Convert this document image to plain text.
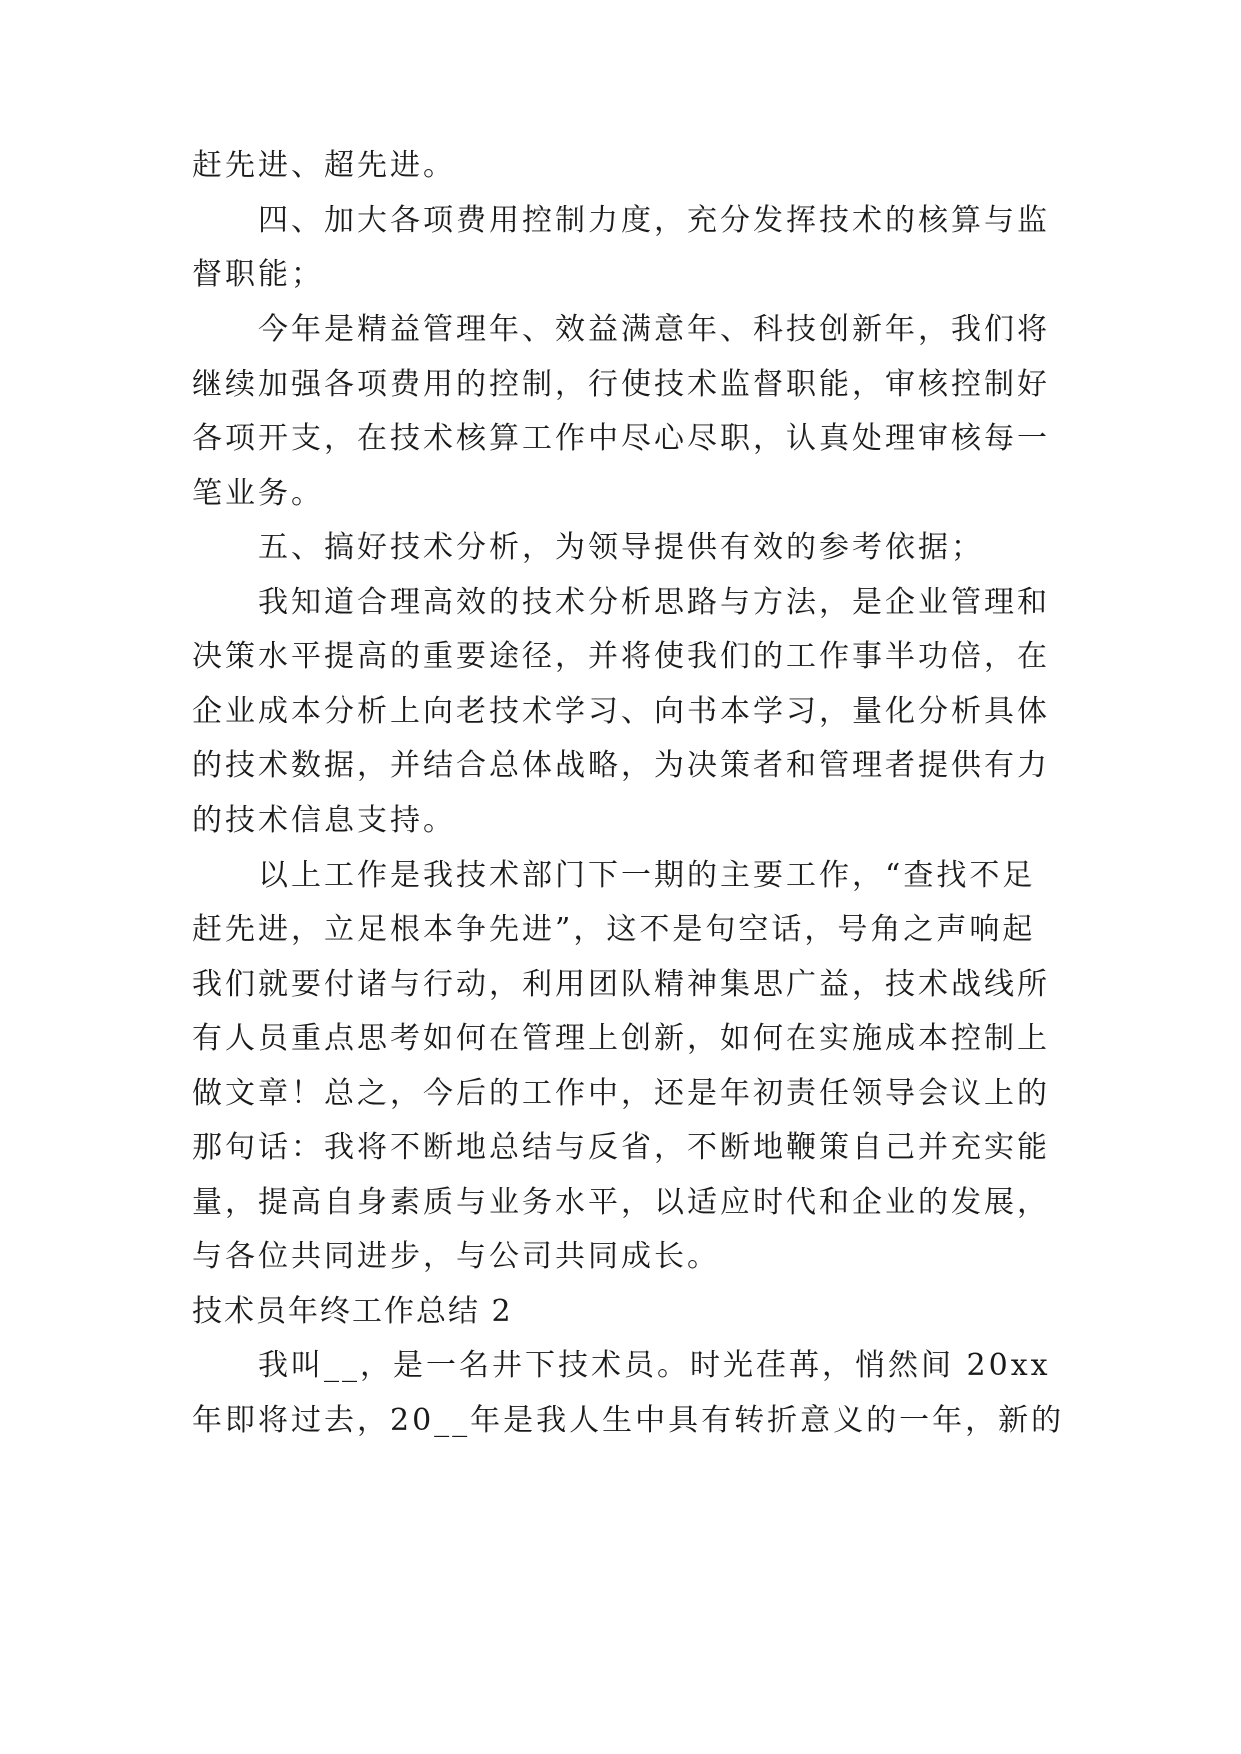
赶先进、超先进。
四、加大各项费用控制力度，充分发挥技术的核算与监
督职能；
今年是精益管理年、效益满意年、科技创新年，我们将
继续加强各项费用的控制，行使技术监督职能，审核控制好
各项开支，在技术核算工作中尽心尽职，认真处理审核每一
笔业务。
五、搞好技术分析，为领导提供有效的参考依据；
我知道合理高效的技术分析思路与方法，是企业管理和
决策水平提高的重要途径，并将使我们的工作事半功倍，在
企业成本分析上向老技术学习、向书本学习，量化分析具体
的技术数据，并结合总体战略，为决策者和管理者提供有力
的技术信息支持。
以上工作是我技术部门下一期的主要工作，“查找不足
赶先进，立足根本争先进”，这不是句空话，号角之声响起
我们就要付诸与行动，利用团队精神集思广益，技术战线所
有人员重点思考如何在管理上创新，如何在实施成本控制上
做文章！总之，今后的工作中，还是年初责任领导会议上的
那句话：我将不断地总结与反省，不断地鞭策自己并充实能
量，提高自身素质与业务水平，以适应时代和企业的发展，
与各位共同进步，与公司共同成长。
技术员年终工作总结 2
我叫__，是一名井下技术员。时光荏苒，悄然间 20xx
年即将过去，20__年是我人生中具有转折意义的一年，新的
